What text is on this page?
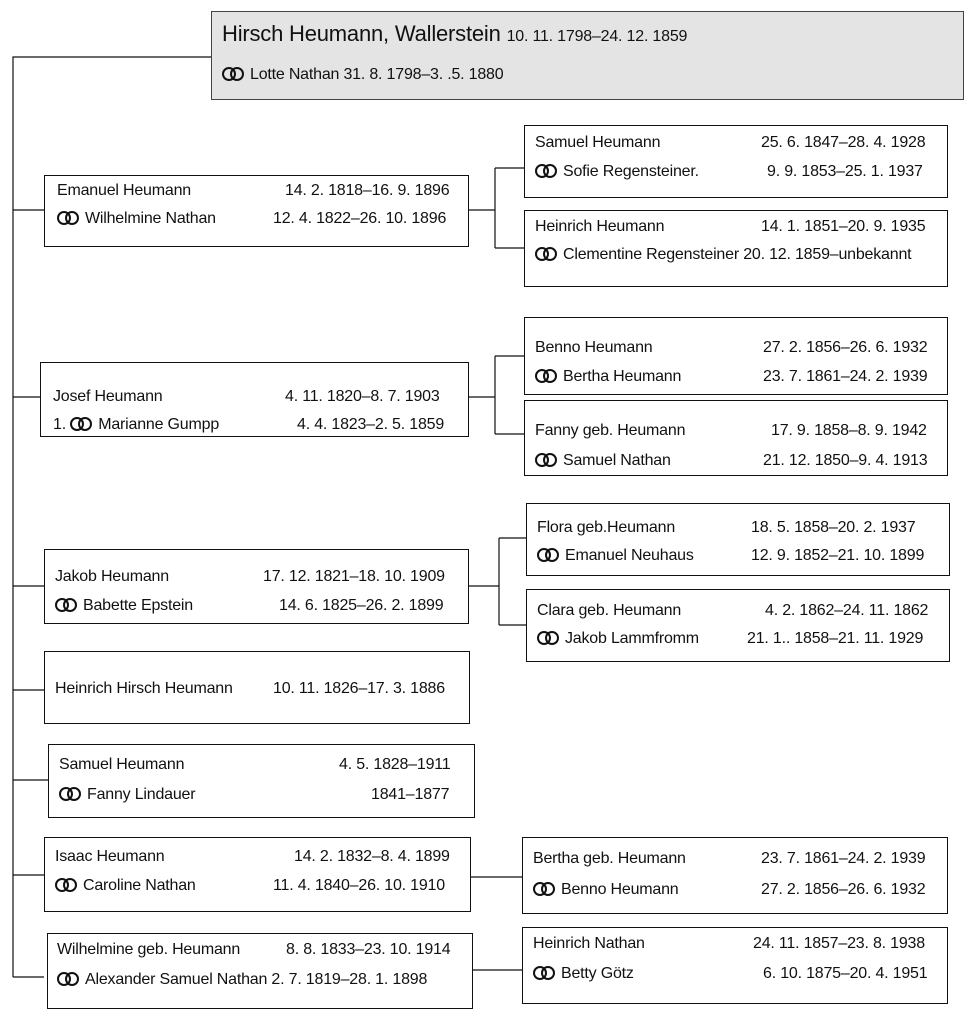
Hirsch Heumann, Wallerstein 10. 11. 1798–24. 12. 1859
Lotte Nathan 31. 8. 1798–3. .5. 1880
Emanuel Heumann	14. 2. 1818–16. 9. 1896
Wilhelmine Nathan	12. 4. 1822–26. 10. 1896
Samuel Heumann	25. 6. 1847–28. 4. 1928
Sofie Regensteiner.	9. 9. 1853–25. 1. 1937
Heinrich Heumann	14. 1. 1851–20. 9. 1935
Clementine Regensteiner 20. 12. 1859–unbekannt
Josef Heumann	4. 11. 1820–8. 7. 1903
1. Marianne Gumpp	4. 4. 1823–2. 5. 1859
Benno Heumann	27. 2. 1856–26. 6. 1932
Bertha Heumann	23. 7. 1861–24. 2. 1939
Fanny geb. Heumann	17. 9. 1858–8. 9. 1942
Samuel Nathan	21. 12. 1850–9. 4. 1913
Jakob Heumann	17. 12. 1821–18. 10. 1909
Babette Epstein	14. 6. 1825–26. 2. 1899
Flora geb.Heumann	18. 5. 1858–20. 2. 1937
Emanuel Neuhaus	12. 9. 1852–21. 10. 1899
Clara geb. Heumann	4. 2. 1862–24. 11. 1862
Jakob Lammfromm	21. 1.. 1858–21. 11. 1929
Heinrich Hirsch Heumann	10. 11. 1826–17. 3. 1886
Samuel Heumann	4. 5. 1828–1911
Fanny Lindauer	1841–1877
Isaac Heumann	14. 2. 1832–8. 4. 1899
Caroline Nathan	11. 4. 1840–26. 10. 1910
Bertha geb. Heumann	23. 7. 1861–24. 2. 1939
Benno Heumann	27. 2. 1856–26. 6. 1932
Wilhelmine geb. Heumann	8. 8. 1833–23. 10. 1914
Alexander Samuel Nathan 2. 7. 1819–28. 1. 1898
Heinrich Nathan	24. 11. 1857–23. 8. 1938
Betty Götz	6. 10. 1875–20. 4. 1951
